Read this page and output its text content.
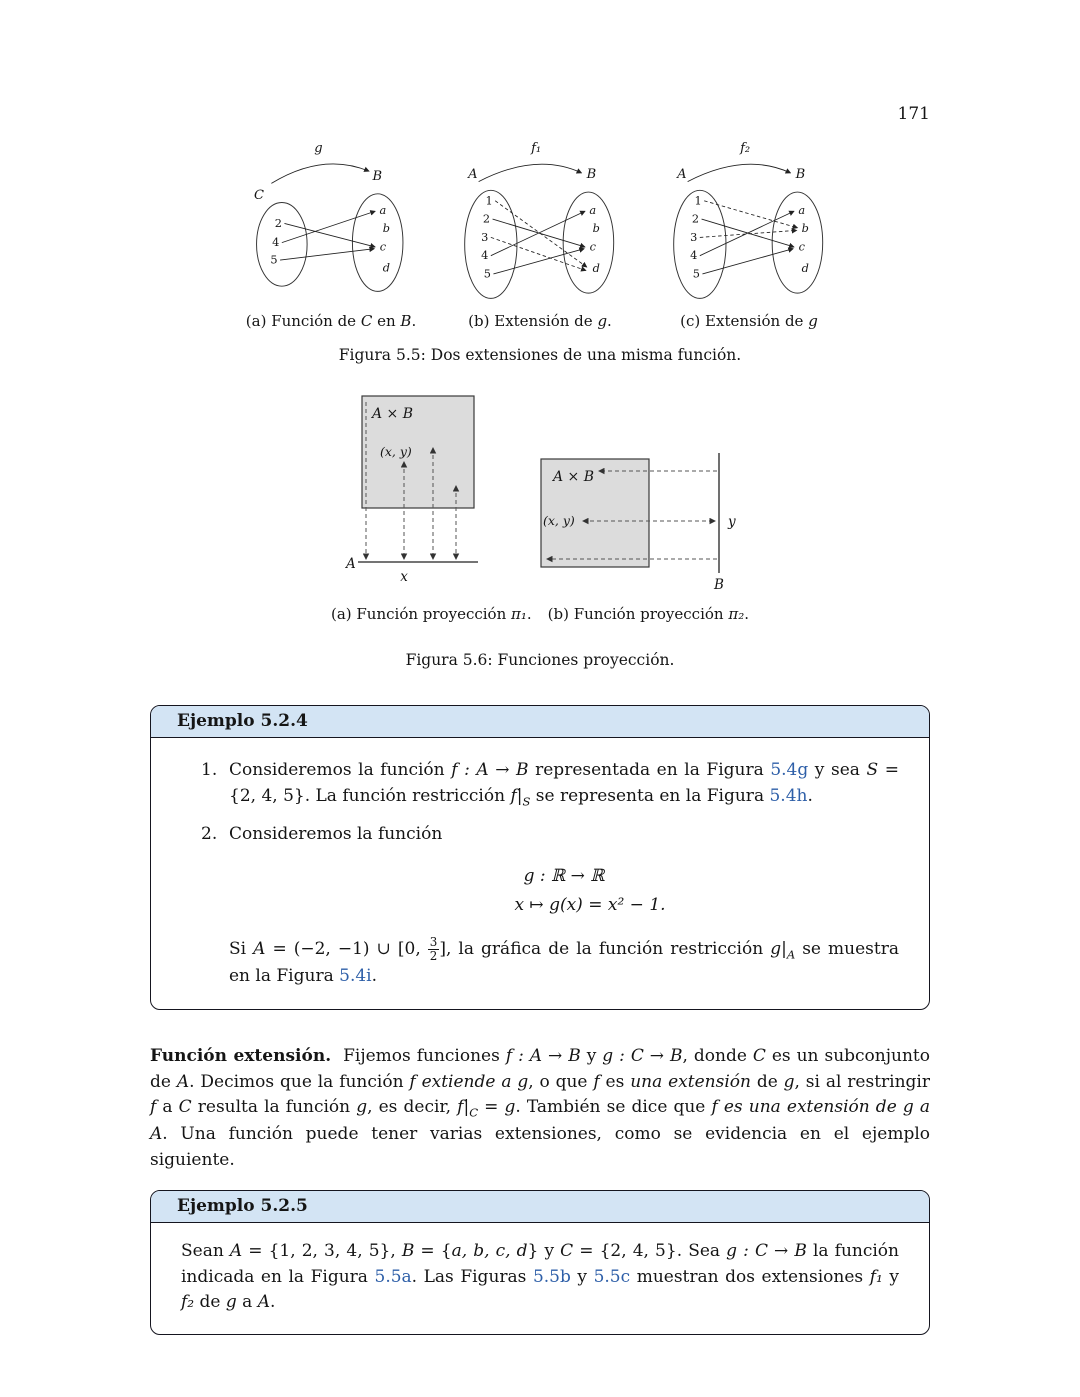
171
g
B
C
2
4
5
a
b
c
d
(a) Función de C en B.
f₁
A	B
1
2
3
4
5
a
b
c
d
(b) Extensión de g.
f₂
A	B
1
2
3
4
5
a
b
c
d
(c) Extensión de g
Figura 5.5: Dos extensiones de una misma función.
A × B
(x, y)
A
x
A × B
(x, y)	y
B
(a) Función proyección π₁. (b) Función proyección π₂.
Figura 5.6: Funciones proyección.
Ejemplo 5.2.4
1. Consideremos la función f : A → B representada en la Figura 5.4g y sea S = {2, 4, 5}. La función restricción $f|_S$ se representa en la Figura 5.4h.
2. Consideremos la función
g : ℝ → ℝ
x ↦ g(x) = x² − 1.
Si A = (−2, −1) ∪ [0, $\frac{3}{2}$ ], la gráfica de la función restricción $g|_A$ se muestra en la Figura 5.4i.

Función extensión. Fijemos funciones f : A → B y g : C → B, donde C es un subconjunto de A. Decimos que la función f extiende a g, o que f es una extensión de g, si al restringir f a C resulta la función g, es decir, $f|_C = g$. También se dice que f es una extensión de g a A. Una función puede tener varias extensiones, como se evidencia en el ejemplo siguiente.

Ejemplo 5.2.5
Sean A = {1, 2, 3, 4, 5}, B = {a, b, c, d} y C = {2, 4, 5}. Sea g : C → B la función indicada en la Figura 5.5a. Las Figuras 5.5b y 5.5c muestran dos extensiones f₁ y f₂ de g a A.
